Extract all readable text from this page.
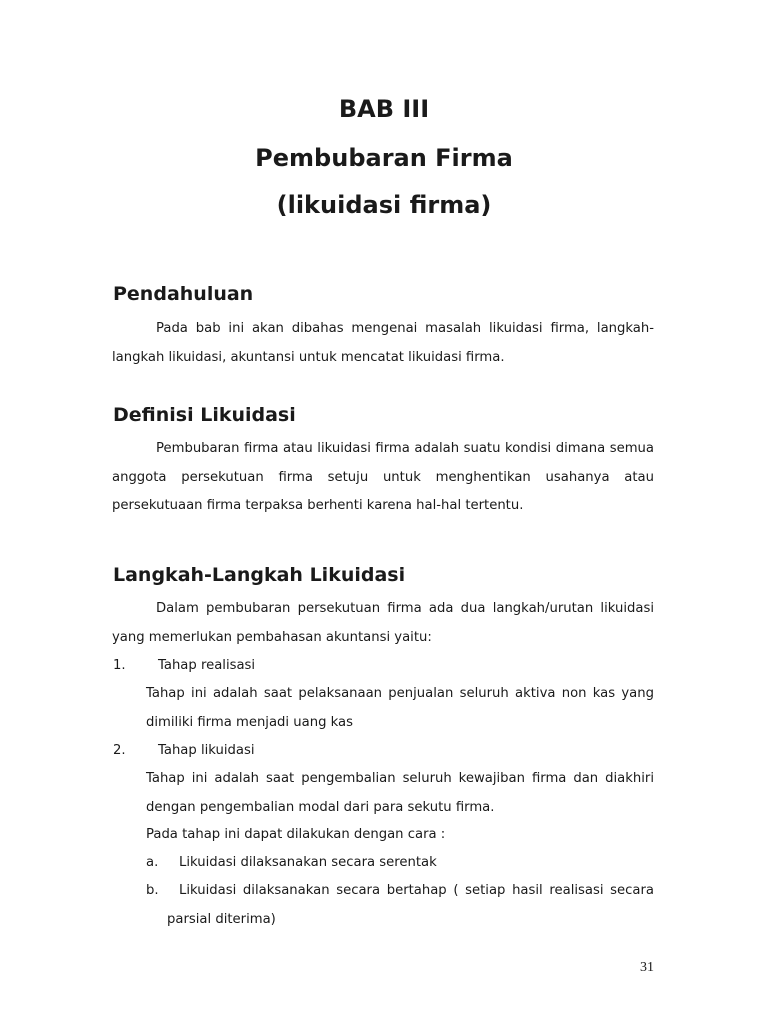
BAB III
Pembubaran Firma
(likuidasi firma)
Pendahuluan

Pada bab ini akan dibahas mengenai masalah likuidasi firma, langkah-langkah likuidasi, akuntansi untuk mencatat likuidasi firma.

Definisi Likuidasi

Pembubaran firma atau likuidasi firma adalah suatu kondisi dimana semua anggota persekutuan firma setuju untuk menghentikan usahanya atau persekutuaan firma terpaksa berhenti karena hal-hal tertentu.

Langkah-Langkah Likuidasi

Dalam pembubaran persekutuan firma ada dua langkah/urutan likuidasi yang memerlukan pembahasan akuntansi yaitu:

1. Tahap realisasi

Tahap ini adalah saat pelaksanaan penjualan seluruh aktiva non kas yang dimiliki firma menjadi uang kas

2. Tahap likuidasi

Tahap ini adalah saat pengembalian seluruh kewajiban firma dan diakhiri dengan pengembalian modal dari para sekutu firma.

Pada tahap ini dapat dilakukan dengan cara :

a.	Likuidasi dilaksanakan secara serentak

b.	Likuidasi dilaksanakan secara bertahap ( setiap hasil realisasi secara parsial diterima)

31
